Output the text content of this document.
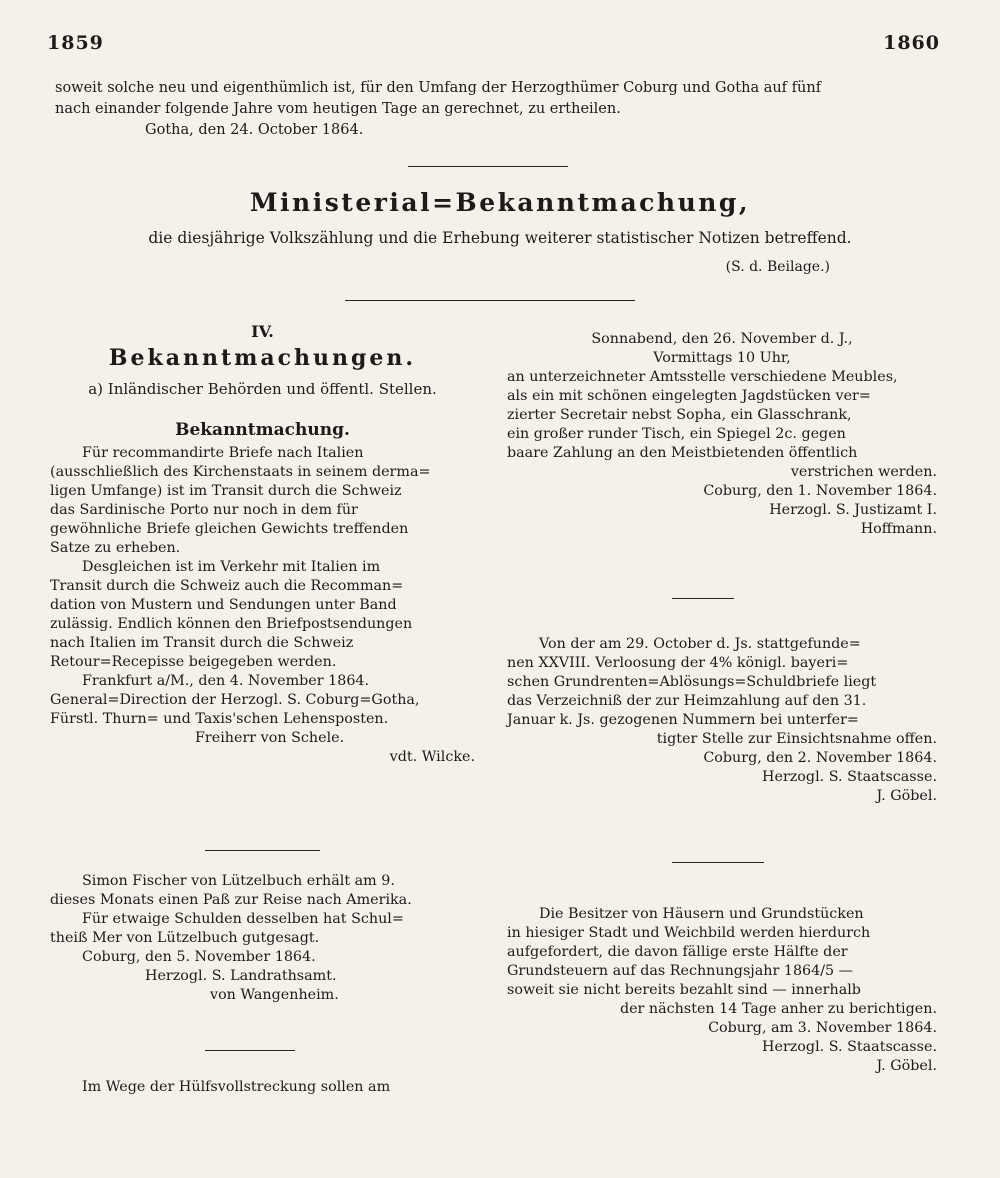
1859	1860
soweit solche neu und eigenthümlich ist, für den Umfang der Herzogthümer Coburg und Gotha auf fünf
nach einander folgende Jahre vom heutigen Tage an gerechnet, zu ertheilen.
Gotha, den 24. October 1864.
Ministerial=Bekanntmachung,
die diesjährige Volkszählung und die Erhebung weiterer statistischer Notizen betreffend.
(S. d. Beilage.)
IV.
Bekanntmachungen.
a) Inländischer Behörden und öffentl. Stellen.
Bekanntmachung.
Für recommandirte Briefe nach Italien
(ausschließlich des Kirchenstaats in seinem derma=
ligen Umfange) ist im Transit durch die Schweiz
das Sardinische Porto nur noch in dem für
gewöhnliche Briefe gleichen Gewichts treffenden
Satze zu erheben.
Desgleichen ist im Verkehr mit Italien im
Transit durch die Schweiz auch die Recomman=
dation von Mustern und Sendungen unter Band
zulässig. Endlich können den Briefpostsendungen
nach Italien im Transit durch die Schweiz
Retour=Recepisse beigegeben werden.
Frankfurt a/M., den 4. November 1864.
General=Direction der Herzogl. S. Coburg=Gotha,
Fürstl. Thurn= und Taxis'schen Lehensposten.
Freiherr von Schele.
vdt. Wilcke.
Simon Fischer von Lützelbuch erhält am 9.
dieses Monats einen Paß zur Reise nach Amerika.
Für etwaige Schulden desselben hat Schul=
theiß Mer von Lützelbuch gutgesagt.
Coburg, den 5. November 1864.
Herzogl. S. Landrathsamt.
von Wangenheim.
Im Wege der Hülfsvollstreckung sollen am
Sonnabend, den 26. November d. J.,
Vormittags 10 Uhr,
an unterzeichneter Amtsstelle verschiedene Meubles,
als ein mit schönen eingelegten Jagdstücken ver=
zierter Secretair nebst Sopha, ein Glasschrank,
ein großer runder Tisch, ein Spiegel 2c. gegen
baare Zahlung an den Meistbietenden öffentlich
verstrichen werden.
Coburg, den 1. November 1864.
Herzogl. S. Justizamt I.
Hoffmann.
Von der am 29. October d. Js. stattgefunde=
nen XXVIII. Verloosung der 4% königl. bayeri=
schen Grundrenten=Ablösungs=Schuldbriefe liegt
das Verzeichniß der zur Heimzahlung auf den 31.
Januar k. Js. gezogenen Nummern bei unterfer=
tigter Stelle zur Einsichtsnahme offen.
Coburg, den 2. November 1864.
Herzogl. S. Staatscasse.
J. Göbel.
Die Besitzer von Häusern und Grundstücken
in hiesiger Stadt und Weichbild werden hierdurch
aufgefordert, die davon fällige erste Hälfte der
Grundsteuern auf das Rechnungsjahr 1864/5 —
soweit sie nicht bereits bezahlt sind — innerhalb
der nächsten 14 Tage anher zu berichtigen.
Coburg, am 3. November 1864.
Herzogl. S. Staatscasse.
J. Göbel.
